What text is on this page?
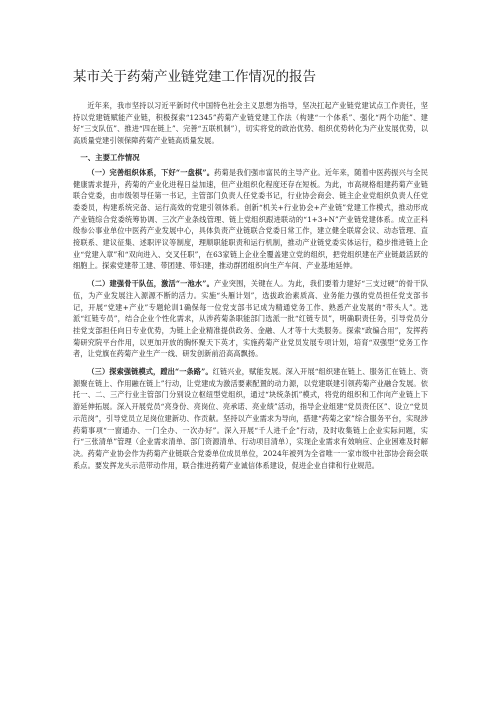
某市关于药菊产业链党建工作情况的报告

近年来，我市坚持以习近平新时代中国特色社会主义思想为指导，坚决扛起产业链党建试点工作责任，坚持以党建链赋能产业链，积极探索“12345”药菊产业链党建工作法（构建“一个体系”、强化“两个功能”、建好“三支队伍”、推进“四在链上”、完善“五联机制”），切实将党的政治优势、组织优势转化为产业发展优势，以高质量党建引领保障药菊产业链高质量发展。

一、主要工作情况

（一）完善组织体系，下好“一盘棋”。药菊是我们强市富民的主导产业。近年来，随着中医药振兴与全民健康需求提升，药菊的产业化进程日益加速，但产业组织化程度还存在短板。为此，市高规格组建药菊产业链联合党委，由市级领导任第一书记，主管部门负责人任党委书记，行业协会商会、链主企业党组织负责人任党委委员，构建系统完备、运行高效的党建引领体系。创新“机关+行业协会+产业链”党建工作模式，推动形成产业链综合党委统筹协调、三次产业条线管理、链上党组织跟进联动的“1+3+N”产业链党建体系。成立正科级参公事业单位中医药产业发展中心，具体负责产业链联合党委日常工作，建立健全联席会议、动态管理、直接联系、建议征集、述职评议等制度，理顺职能职责和运行机制，推动产业链党委实体运行，稳步推进链上企业“党建入章”和“双向进入、交叉任职”，在63家链上企业全覆盖建立党的组织，把党组织建在产业链最活跃的细胞上。探索党建带工建、带团建、带妇建，推动群团组织向生产车间、产业基地延伸。

（二）建强骨干队伍，激活“一池水”。产业突围，关键在人。为此，我们要着力建好“三支过硬”的骨干队伍，为产业发展注入源源不断的活力。实施“头雁计划”，选拔政治素质高、业务能力强的党员担任党支部书记，开展“党建+产业”专题轮训1确保每一位党支部书记成为精通党务工作、熟悉产业发展的“带头人”。选派“红链专员”，结合企业个性化需求，从涉药菊条职能部门选派一批“红链专员”，明确职责任务，引导党员分挂党支部担任向日专业优势，为链上企业精准提供政务、金融、人才等十大类服务。探索“政编合用”，发挥药菊研究院平台作用，以更加开放的胸怀聚天下英才，实施药菊产业党员发展专项计划，培育“双强型”党务工作者，让党旗在药菊产业生产一线、研发创新前沿高高飘扬。

（三）探索强链模式，蹚出“一条路”。红链兴业，赋能发展。深入开展“组织建在链上、服务汇在链上、资源聚在链上、作用融在链上”行动，让党建成为激活要素配置的动力源，以党建联建引领药菊产业融合发展。依托一、二、三产行业主管部门分别设立枢纽型党组织，通过“块统条抓”模式，将党的组织和工作向产业链上下游延伸拓展。深入开展党员“亮身份、亮岗位、亮承诺、亮业绩”活动，指导企业组建“党员责任区”、设立“党员示范岗”，引导党员立足岗位建新功、作贡献。坚持以产业需求为导向，搭建“药菊之家”综合服务平台，实现涉药菊事项“一窗通办、一门全办、一次办好”。深入开展“千人进千企”行动，及时收集链上企业实际问题，实行“三张清单”管理（企业需求清单、部门资源清单、行动项目清单），实现企业需求有效响应、企业困难及时解决。药菊产业协会作为药菊产业链联合党委单位成员单位，2024年被列为全省唯一一家市级中社部协会商会联系点。要发挥龙头示范带动作用，联合推进药菊产业诚信体系建设，促进企业自律和行业规范。
